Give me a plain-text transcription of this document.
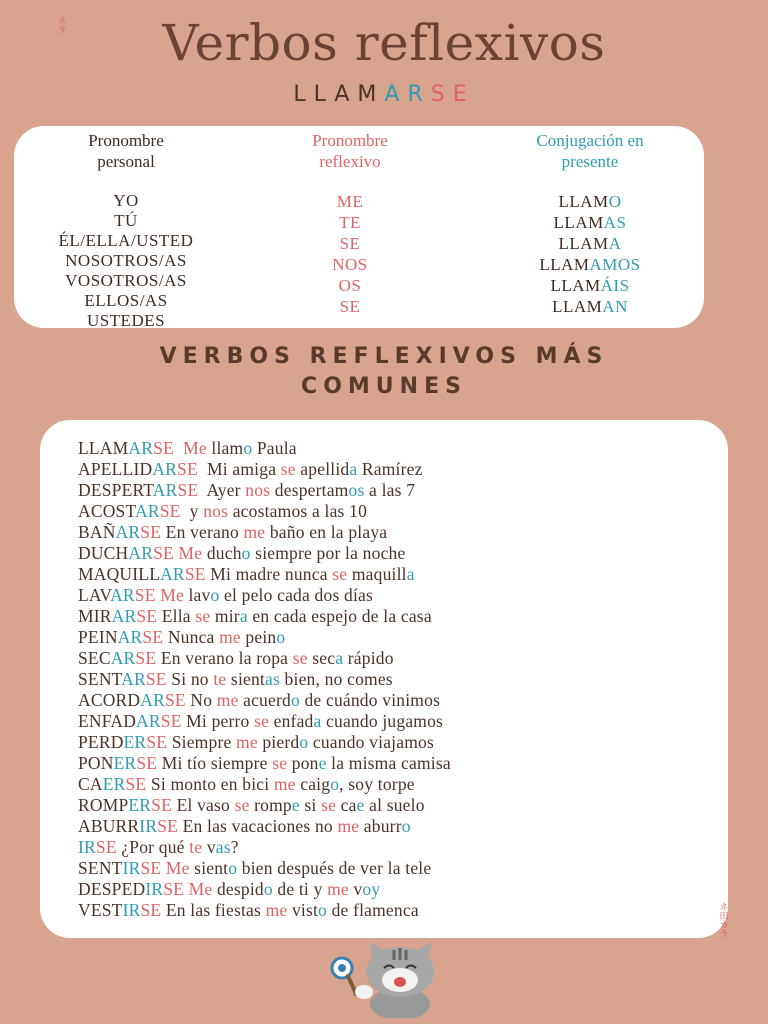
ネ
ラ	Verbos reflexivos
LLAMARSE
Pronombre
personal
YO
TÚ
ÉL/ELLA/USTED
NOSOTROS/AS
VOSOTROS/AS
ELLOS/AS
USTEDES
Pronombre
reflexivo
ME
TE
SE
NOS
OS
SE
Conjugación en
presente
LLAMO
LLAMAS
LLAMA
LLAMAMOS
LLAMÁIS
LLAMAN
VERBOS REFLEXIVOS MÁS
COMUNES
LLAMARSE Me llamo Paula
APELLIDARSE  Mi amiga se apellida Ramírez
DESPERTARSE  Ayer nos despertamos a las 7
ACOSTARSE  y nos acostamos a las 10
BAÑARSE En verano me baño en la playa
DUCHARSE Me ducho siempre por la noche
MAQUILLARSE Mi madre nunca se maquilla
LAVARSE Me lavo el pelo cada dos días
MIRARSE Ella se mira en cada espejo de la casa
PEINARSE Nunca me peino
SECARSE En verano la ropa se seca rápido
SENTARSE Si no te sientas bien, no comes
ACORDARSE No me acuerdo de cuándo vinimos
ENFADARSE Mi perro se enfada cuando jugamos
PERDERSE Siempre me pierdo cuando viajamos
PONERSE Mi tío siempre se pone la misma camisa
CAERSE Si monto en bici me caigo, soy torpe
ROMPERSE El vaso se rompe si se cae al suelo
ABURRIRSE En las vacaciones no me aburro
IRSE ¿Por qué te vas?
SENTIRSE Me siento bien después de ver la tele
DESPEDIRSE Me despido de ti y me voy
VESTIRSE En las fiestas me visto de flamenca	ネ
田
カ
ラ
